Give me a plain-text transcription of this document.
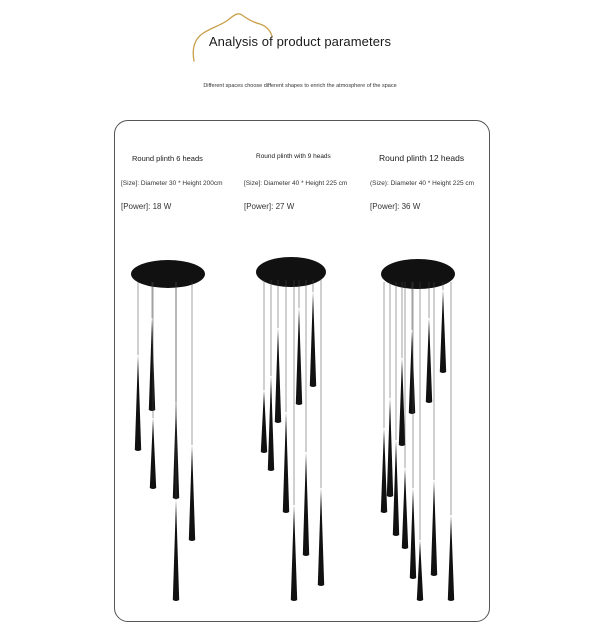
Analysis of product parameters
Different spaces choose different shapes to enrich the atmosphere of the space
Round plinth 6 heads
[Size]: Diameter 30 * Height 200cm
[Power]: 18 W
Round plinth with 9 heads
[Size]: Diameter 40 * Height 225 cm
[Power]: 27 W
Round plinth 12 heads
(Size): Diameter 40 * Height 225 cm
[Power]: 36 W
